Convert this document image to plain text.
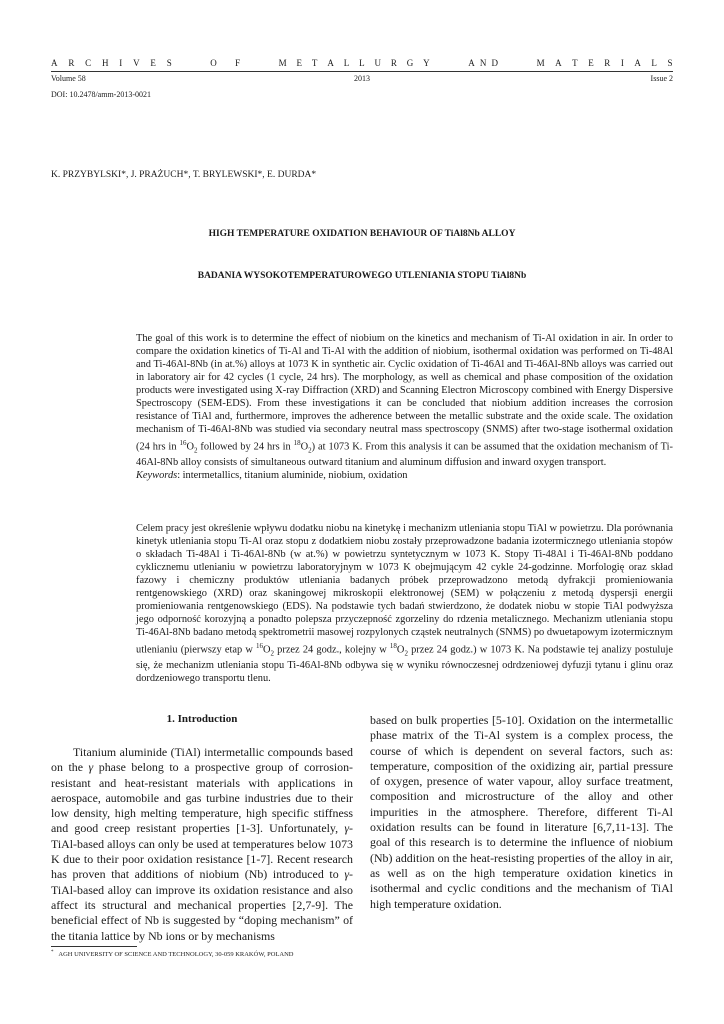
A R C H I V E S	O F	M E T A L L U R G Y	A N D	M A T E R I A L S
Volume 58	2013	Issue 2
DOI: 10.2478/amm-2013-0021
K. PRZYBYLSKI*, J. PRAŻUCH*, T. BRYLEWSKI*, E. DURDA*
HIGH TEMPERATURE OXIDATION BEHAVIOUR OF TiAl8Nb ALLOY
BADANIA WYSOKOTEMPERATUROWEGO UTLENIANIA STOPU TiAl8Nb

The goal of this work is to determine the effect of niobium on the kinetics and mechanism of Ti-Al oxidation in air. In order to compare the oxidation kinetics of Ti-Al and Ti-Al with the addition of niobium, isothermal oxidation was performed on Ti-48Al and Ti-46Al-8Nb (in at.%) alloys at 1073 K in synthetic air. Cyclic oxidation of Ti-46Al and Ti-46Al-8Nb alloys was carried out in laboratory air for 42 cycles (1 cycle, 24 hrs). The morphology, as well as chemical and phase composition of the oxidation products were investigated using X-ray Diffraction (XRD) and Scanning Electron Microscopy combined with Energy Dispersive Spectroscopy (SEM-EDS). From these investigations it can be concluded that niobium addition increases the corrosion resistance of TiAl and, furthermore, improves the adherence between the metallic substrate and the oxide scale. The oxidation mechanism of Ti-46Al-8Nb was studied via secondary neutral mass spectroscopy (SNMS) after two-stage isothermal oxidation (24 hrs in $^{16}O_2$ followed by 24 hrs in $^{18}O_2$) at 1073 K. From this analysis it can be assumed that the oxidation mechanism of Ti-46Al-8Nb alloy consists of simultaneous outward titanium and aluminum diffusion and inward oxygen transport.

Keywords: intermetallics, titanium aluminide, niobium, oxidation

Celem pracy jest określenie wpływu dodatku niobu na kinetykę i mechanizm utleniania stopu TiAl w powietrzu. Dla porównania kinetyk utleniania stopu Ti-Al oraz stopu z dodatkiem niobu zostały przeprowadzone badania izotermicznego utleniania stopów o składach Ti-48Al i Ti-46Al-8Nb (w at.%) w powietrzu syntetycznym w 1073 K. Stopy Ti-48Al i Ti-46Al-8Nb poddano cyklicznemu utlenianiu w powietrzu laboratoryjnym w 1073 K obejmującym 42 cykle 24-godzinne. Morfologię oraz skład fazowy i chemiczny produktów utleniania badanych próbek przeprowadzono metodą dyfrakcji promieniowania rentgenowskiego (XRD) oraz skaningowej mikroskopii elektronowej (SEM) w połączeniu z metodą dyspersji energii promieniowania rentgenowskiego (EDS). Na podstawie tych badań stwierdzono, że dodatek niobu w stopie TiAl podwyższa jego odporność korozyjną a ponadto polepsza przyczepność zgorzeliny do rdzenia metalicznego. Mechanizm utleniania stopu Ti-46Al-8Nb badano metodą spektrometrii masowej rozpylonych cząstek neutralnych (SNMS) po dwuetapowym izotermicznym utlenianiu (pierwszy etap w $^{16}O_2$ przez 24 godz., kolejny w $^{18}O_2$ przez 24 godz.) w 1073 K. Na podstawie tej analizy postuluje się, że mechanizm utleniania stopu Ti-46Al-8Nb odbywa się w wyniku równoczesnej odrdzeniowej dyfuzji tytanu i glinu oraz dordzeniowego transportu tlenu.

1. Introduction

Titanium aluminide (TiAl) intermetallic compounds based on the γ phase belong to a prospective group of corrosion-resistant and heat-resistant materials with applications in aerospace, automobile and gas turbine industries due to their low density, high melting temperature, high specific stiffness and good creep resistant properties [1-3]. Unfortunately, γ-TiAl-based alloys can only be used at temperatures below 1073 K due to their poor oxidation resistance [1-7]. Recent research has proven that additions of niobium (Nb) introduced to γ-TiAl-based alloy can improve its oxidation resistance and also affect its structural and mechanical properties [2,7-9]. The beneficial effect of Nb is suggested by “doping mechanism” of the titania lattice by Nb ions or by mechanisms

based on bulk properties [5-10]. Oxidation on the intermetallic phase matrix of the Ti-Al system is a complex process, the course of which is dependent on several factors, such as: temperature, composition of the oxidizing air, partial pressure of oxygen, presence of water vapour, alloy surface treatment, composition and microstructure of the alloy and other impurities in the atmosphere. Therefore, different Ti-Al oxidation results can be found in literature [6,7,11-13]. The goal of this research is to determine the influence of niobium (Nb) addition on the heat-resisting properties of the alloy in air, as well as on the high temperature oxidation kinetics in isothermal and cyclic conditions and the mechanism of TiAl high temperature oxidation.

* AGH UNIVERSITY OF SCIENCE AND TECHNOLOGY, 30-059 KRAKÓW, POLAND
